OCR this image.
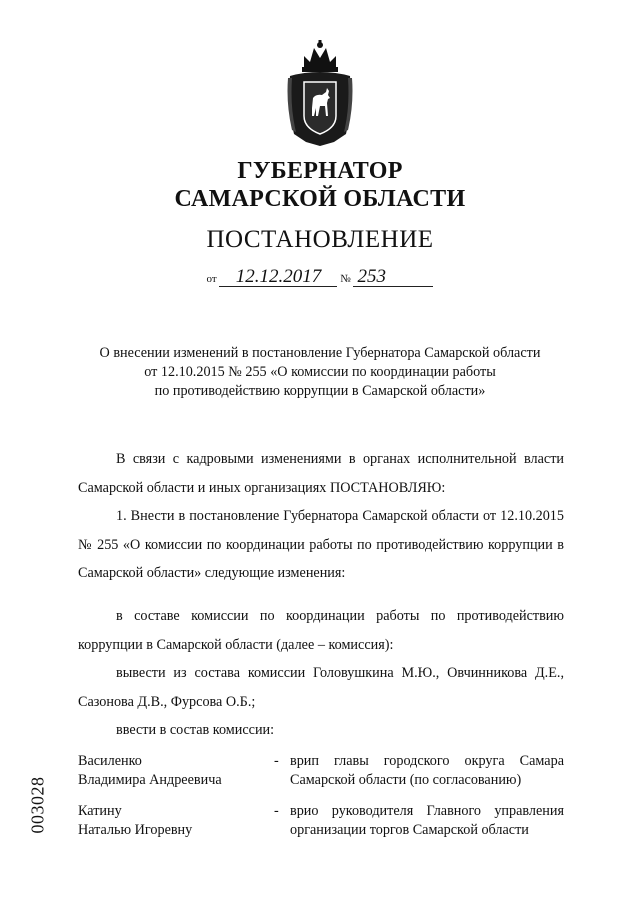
ГУБЕРНАТОР
САМАРСКОЙ ОБЛАСТИ
ПОСТАНОВЛЕНИЕ
от 12.12.2017 № 253
О внесении изменений в постановление Губернатора Самарской области
от 12.10.2015 № 255 «О комиссии по координации работы
по противодействию коррупции в Самарской области»
В связи с кадровыми изменениями в органах исполнительной власти Самарской области и иных организациях ПОСТАНОВЛЯЮ:
1. Внести в постановление Губернатора Самарской области от 12.10.2015 № 255 «О комиссии по координации работы по противодействию коррупции в Самарской области» следующие изменения:
в составе комиссии по координации работы по противодействию коррупции в Самарской области (далее – комиссия):
вывести из состава комиссии Головушкина М.Ю., Овчинникова Д.Е., Сазонова Д.В., Фурсова О.Б.;
ввести в состав комиссии:
Василенко
Владимира Андреевича
- врип главы городского округа Самара Самарской области (по согласованию)
Катину
Наталью Игоревну
- врио руководителя Главного управления организации торгов Самарской области
003028
